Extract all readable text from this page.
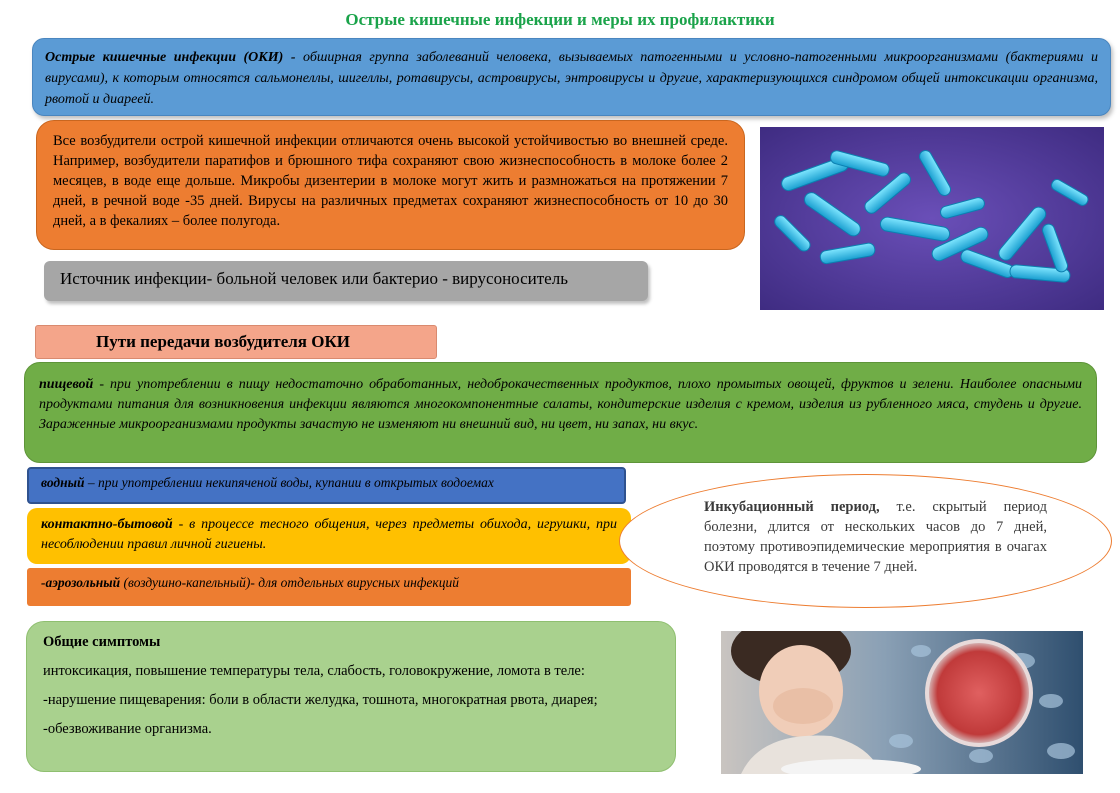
Острые кишечные инфекции и меры их профилактики
Острые кишечные инфекции (ОКИ) - обширная группа заболеваний человека, вызываемых патогенными и условно-патогенными микроорганизмами (бактериями и вирусами), к которым относятся сальмонеллы, шигеллы, ротавирусы, астровирусы, энтровирусы и другие, характеризующихся синдромом общей интоксикации организма, рвотой и диареей.
Все возбудители острой кишечной инфекции отличаются очень высокой устойчивостью во внешней среде. Например, возбудители паратифов и брюшного тифа сохраняют свою жизнеспособность в молоке более 2 месяцев, в воде еще дольше. Микробы дизентерии в молоке могут жить и размножаться на протяжении 7 дней, в речной воде -35 дней. Вирусы на различных предметах сохраняют жизнеспособность от 10 до 30 дней, а в фекалиях – более полугода.
Источник инфекции- больной человек или бактерио - вирусоноситель
Пути передачи возбудителя ОКИ
пищевой - при употреблении в пищу недостаточно обработанных, недоброкачественных продуктов, плохо промытых овощей, фруктов и зелени. Наиболее опасными продуктами питания для возникновения инфекции являются многокомпонентные салаты, кондитерские изделия с кремом, изделия из рубленного мяса, студень и другие. Зараженные микроорганизмами продукты зачастую не изменяют ни внешний вид, ни цвет, ни запах, ни вкус.
водный – при употреблении некипяченой воды, купании в открытых водоемах
контактно-бытовой - в процессе тесного общения, через предметы обихода, игрушки, при несоблюдении правил личной гигиены.
-аэрозольный (воздушно-капельный)- для отдельных вирусных инфекций
Инкубационный период, т.е. скрытый период болезни, длится от нескольких часов до 7 дней, поэтому противоэпидемические мероприятия в очагах ОКИ проводятся в течение 7 дней.

Общие симптомы

интоксикация, повышение температуры тела, слабость, головокружение, ломота в теле:

-нарушение пищеварения: боли в области желудка, тошнота, многократная рвота, диарея;

-обезвоживание организма.
